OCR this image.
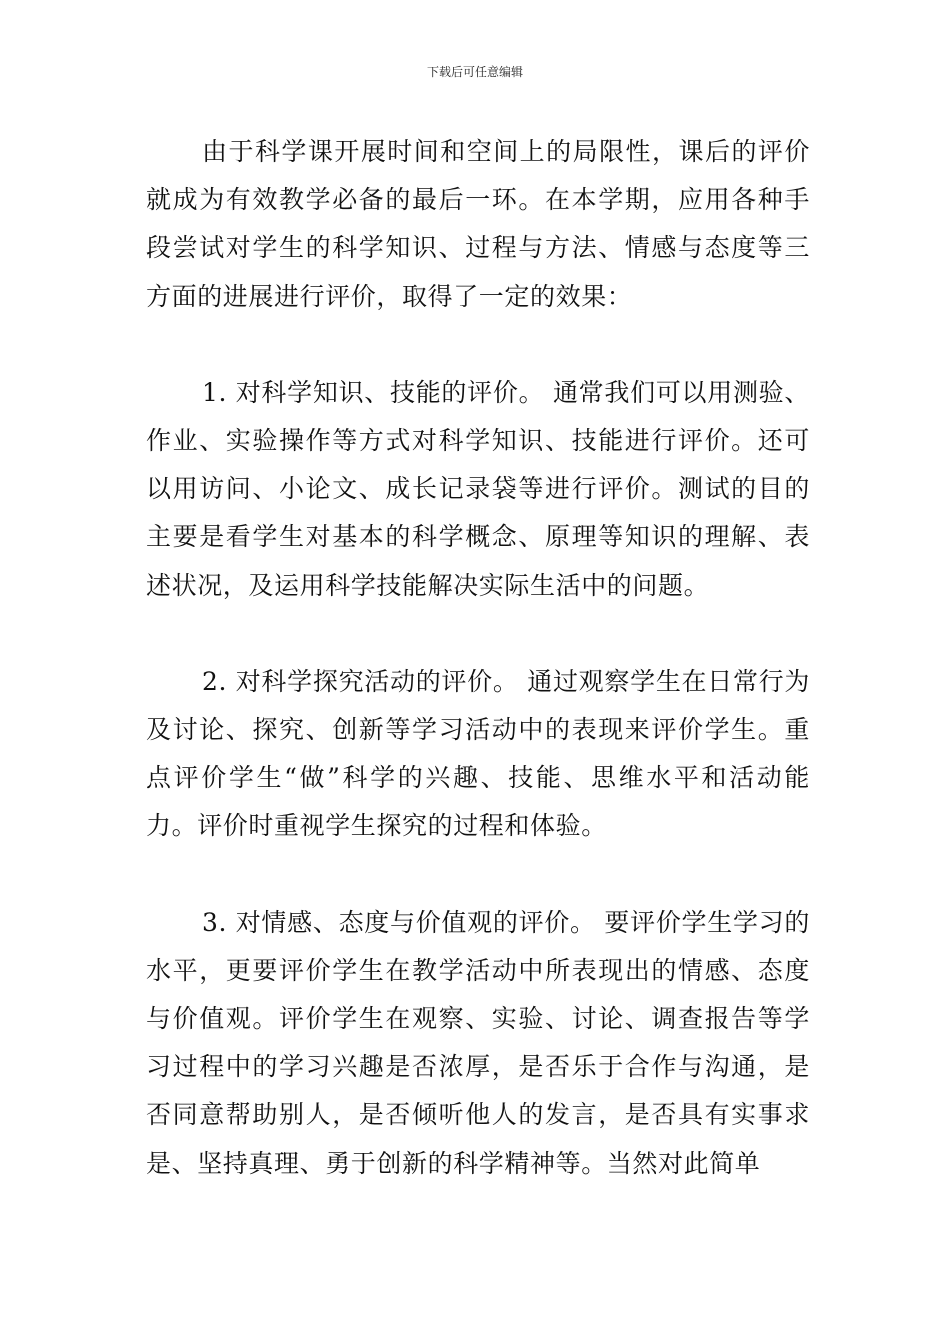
下载后可任意编辑

由于科学课开展时间和空间上的局限性，课后的评价就成为有效教学必备的最后一环。在本学期，应用各种手段尝试对学生的科学知识、过程与方法、情感与态度等三方面的进展进行评价，取得了一定的效果：

1. 对科学知识、技能的评价。 通常我们可以用测验、作业、实验操作等方式对科学知识、技能进行评价。还可以用访问、小论文、成长记录袋等进行评价。测试的目的主要是看学生对基本的科学概念、原理等知识的理解、表述状况，及运用科学技能解决实际生活中的问题。

2. 对科学探究活动的评价。 通过观察学生在日常行为及讨论、探究、创新等学习活动中的表现来评价学生。重点评价学生“做”科学的兴趣、技能、思维水平和活动能力。评价时重视学生探究的过程和体验。

3. 对情感、态度与价值观的评价。 要评价学生学习的水平，更要评价学生在教学活动中所表现出的情感、态度与价值观。评价学生在观察、实验、讨论、调查报告等学习过程中的学习兴趣是否浓厚，是否乐于合作与沟通，是否同意帮助别人，是否倾听他人的发言，是否具有实事求是、坚持真理、勇于创新的科学精神等。当然对此简单
